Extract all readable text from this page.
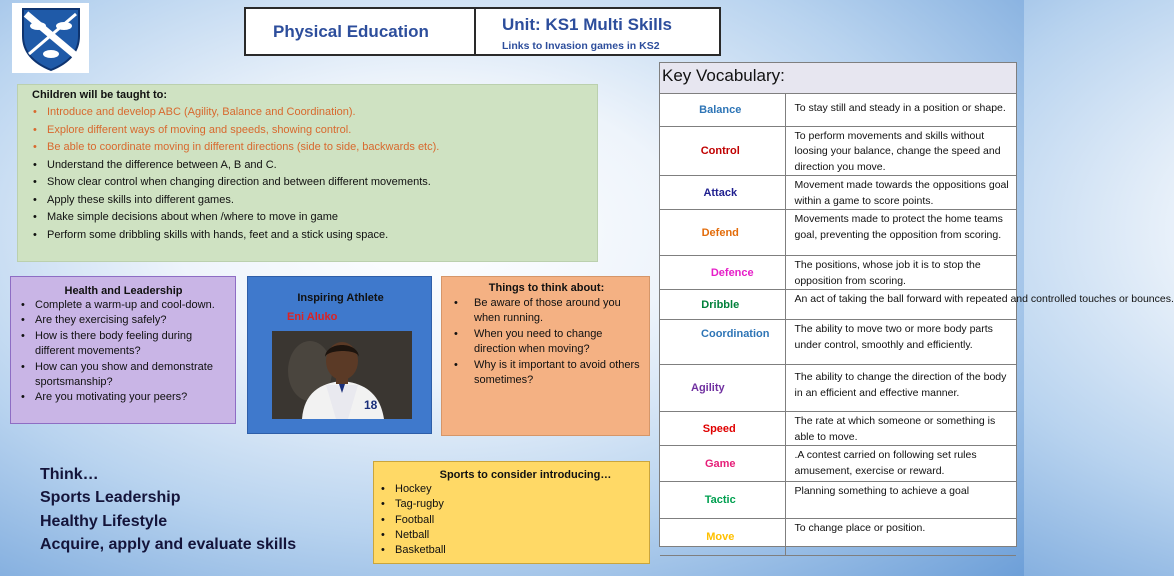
Physical Education	Unit: KS1 Multi Skills
Links to Invasion games in KS2
Children will be taught to:
• Introduce and develop ABC (Agility, Balance and Coordination).
• Explore different ways of moving and speeds, showing control.
• Be able to coordinate moving in different directions (side to side, backwards etc).
• Understand the difference between A, B and C.
• Show clear control when changing direction and between different movements.
• Apply these skills into different games.
• Make simple decisions about when /where to move in game
• Perform some dribbling skills with hands, feet and a stick using space.
Health and Leadership
• Complete a warm-up and cool-down.
• Are they exercising safely?
• How is there body feeling during different movements?
• How can you show and demonstrate sportsmanship?
• Are you motivating your peers?
Inspiring Athlete
Eni Aluko
18
Things to think about:
• Be aware of those around you when running.
• When you need to change direction when moving?
• Why is it important to avoid others sometimes?
Think…
Sports Leadership
Healthy Lifestyle
Acquire, apply and evaluate skills
Sports to consider introducing…
• Hockey
• Tag-rugby
• Football
• Netball
• Basketball
Key Vocabulary:
Balance	To stay still and steady in a position or shape.
Control	To perform movements and skills without loosing your balance, change the speed and direction you move.
Attack	Movement made towards the oppositions goal within a game to score points.
Defend	Movements made to protect the home teams goal, preventing the opposition from scoring.
Defence	The positions, whose job it is to stop the opposition from scoring.
Dribble	An act of taking the ball forward with repeated and controlled touches or bounces.
Coordination	The ability to move two or more body parts under control, smoothly and efficiently.
Agility	The ability to change the direction of the body in an efficient and effective manner.
Speed	The rate at which someone or something is able to move.
Game	.A contest carried on following set rules amusement, exercise or reward.
Tactic	Planning something to achieve a goal
Move	To change place or position.
